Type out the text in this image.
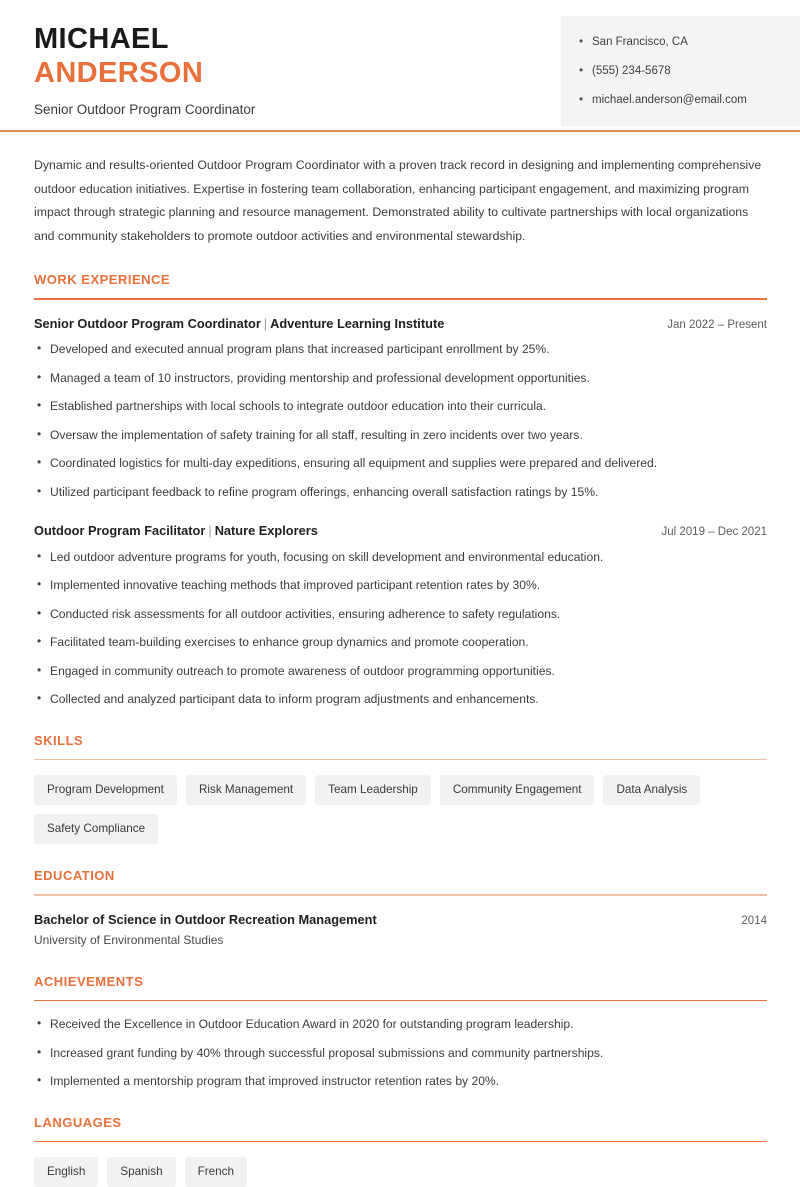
MICHAEL
ANDERSON
Senior Outdoor Program Coordinator
• San Francisco, CA
• (555) 234-5678
• michael.anderson@email.com

Dynamic and results-oriented Outdoor Program Coordinator with a proven track record in designing and implementing comprehensive outdoor education initiatives. Expertise in fostering team collaboration, enhancing participant engagement, and maximizing program impact through strategic planning and resource management. Demonstrated ability to cultivate partnerships with local organizations and community stakeholders to promote outdoor activities and environmental stewardship.

WORK EXPERIENCE
Senior Outdoor Program Coordinator | Adventure Learning Institute	Jan 2022 – Present
• Developed and executed annual program plans that increased participant enrollment by 25%.
• Managed a team of 10 instructors, providing mentorship and professional development opportunities.
• Established partnerships with local schools to integrate outdoor education into their curricula.
• Oversaw the implementation of safety training for all staff, resulting in zero incidents over two years.
• Coordinated logistics for multi-day expeditions, ensuring all equipment and supplies were prepared and delivered.
• Utilized participant feedback to refine program offerings, enhancing overall satisfaction ratings by 15%.
Outdoor Program Facilitator | Nature Explorers	Jul 2019 – Dec 2021
• Led outdoor adventure programs for youth, focusing on skill development and environmental education.
• Implemented innovative teaching methods that improved participant retention rates by 30%.
• Conducted risk assessments for all outdoor activities, ensuring adherence to safety regulations.
• Facilitated team-building exercises to enhance group dynamics and promote cooperation.
• Engaged in community outreach to promote awareness of outdoor programming opportunities.
• Collected and analyzed participant data to inform program adjustments and enhancements.
SKILLS
Program Development	Risk Management	Team Leadership	Community Engagement	Data Analysis
Safety Compliance
EDUCATION
Bachelor of Science in Outdoor Recreation Management	2014
University of Environmental Studies
ACHIEVEMENTS
• Received the Excellence in Outdoor Education Award in 2020 for outstanding program leadership.
• Increased grant funding by 40% through successful proposal submissions and community partnerships.
• Implemented a mentorship program that improved instructor retention rates by 20%.
LANGUAGES
English	Spanish	French
